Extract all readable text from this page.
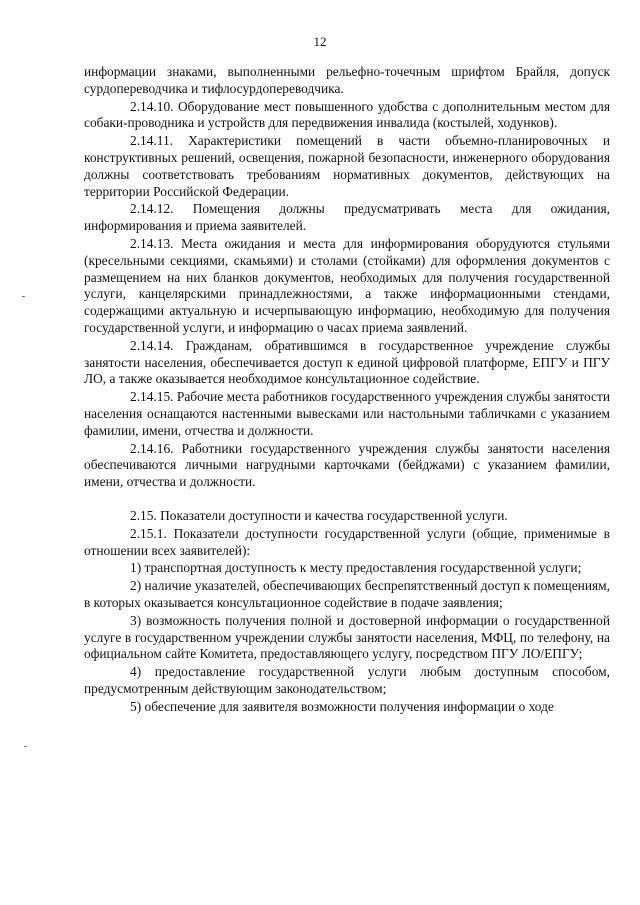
12

информации знаками, выполненными рельефно-точечным шрифтом Брайля, допуск сурдопереводчика и тифлосурдопереводчика.

2.14.10. Оборудование мест повышенного удобства с дополнительным местом для собаки-проводника и устройств для передвижения инвалида (костылей, ходунков).

2.14.11. Характеристики помещений в части объемно-планировочных и конструктивных решений, освещения, пожарной безопасности, инженерного оборудования должны соответствовать требованиям нормативных документов, действующих на территории Российской Федерации.

2.14.12. Помещения должны предусматривать места для ожидания, информирования и приема заявителей.

2.14.13. Места ожидания и места для информирования оборудуются стульями (кресельными секциями, скамьями) и столами (стойками) для оформления документов с размещением на них бланков документов, необходимых для получения государственной услуги, канцелярскими принадлежностями, а также информационными стендами, содержащими актуальную и исчерпывающую информацию, необходимую для получения государственной услуги, и информацию о часах приема заявлений.

2.14.14. Гражданам, обратившимся в государственное учреждение службы занятости населения, обеспечивается доступ к единой цифровой платформе, ЕПГУ и ПГУ ЛО, а также оказывается необходимое консультационное содействие.

2.14.15. Рабочие места работников государственного учреждения службы занятости населения оснащаются настенными вывесками или настольными табличками с указанием фамилии, имени, отчества и должности.

2.14.16. Работники государственного учреждения службы занятости населения обеспечиваются личными нагрудными карточками (бейджами) с указанием фамилии, имени, отчества и должности.

2.15. Показатели доступности и качества государственной услуги.

2.15.1. Показатели доступности государственной услуги (общие, применимые в отношении всех заявителей):

1) транспортная доступность к месту предоставления государственной услуги;

2) наличие указателей, обеспечивающих беспрепятственный доступ к помещениям, в которых оказывается консультационное содействие в подаче заявления;

3) возможность получения полной и достоверной информации о государственной услуге в государственном учреждении службы занятости населения, МФЦ, по телефону, на официальном сайте Комитета, предоставляющего услугу, посредством ПГУ ЛО/ЕПГУ;

4) предоставление государственной услуги любым доступным способом, предусмотренным действующим законодательством;

5) обеспечение для заявителя возможности получения информации о ходе
